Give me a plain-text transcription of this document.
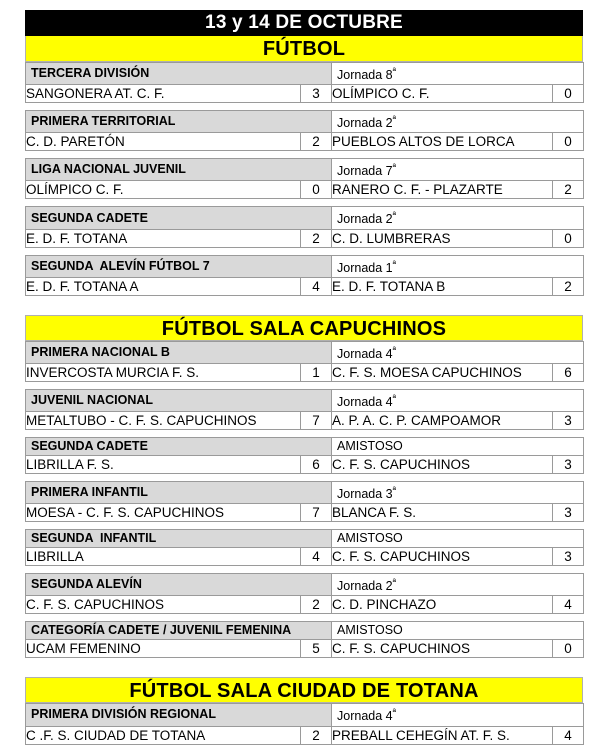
13 y 14 DE OCTUBRE
FÚTBOL
TERCERA DIVISIÓN		Jornada $8^ª$
SANGONERA AT. C. F.	3	OLÍMPICO C. F.	0
PRIMERA TERRITORIAL		Jornada $2^ª$
C. D. PARETÓN	2	PUEBLOS ALTOS DE LORCA	0
LIGA NACIONAL JUVENIL		Jornada $7^ª$
OLÍMPICO C. F.	0	RANERO C. F. - PLAZARTE	2
SEGUNDA CADETE		Jornada $2^ª$
E. D. F. TOTANA	2	C. D. LUMBRERAS	0
SEGUNDA  ALEVÍN FÚTBOL 7		Jornada $1^ª$
E. D. F. TOTANA A	4	E. D. F. TOTANA B	2
FÚTBOL SALA CAPUCHINOS
PRIMERA NACIONAL B		Jornada $4^ª$
INVERCOSTA MURCIA F. S.	1	C. F. S. MOESA CAPUCHINOS	6
JUVENIL NACIONAL		Jornada $4^ª$
METALTUBO - C. F. S. CAPUCHINOS	7	A. P. A. C. P. CAMPOAMOR	3
SEGUNDA CADETE		AMISTOSO	
LIBRILLA F. S.	6	C. F. S. CAPUCHINOS	3
PRIMERA INFANTIL		Jornada $3^ª$
MOESA - C. F. S. CAPUCHINOS	7	BLANCA F. S.	3
SEGUNDA  INFANTIL		AMISTOSO	
LIBRILLA	4	C. F. S. CAPUCHINOS	3
SEGUNDA ALEVÍN		Jornada $2^ª$
C. F. S. CAPUCHINOS	2	C. D. PINCHAZO	4
CATEGORÍA CADETE / JUVENIL FEMENINA		AMISTOSO	
UCAM FEMENINO	5	C. F. S. CAPUCHINOS	0
FÚTBOL SALA CIUDAD DE TOTANA
PRIMERA DIVISIÓN REGIONAL		Jornada $4^ª$
C .F. S. CIUDAD DE TOTANA	2	PREBALL CEHEGÍN AT. F. S.	4
